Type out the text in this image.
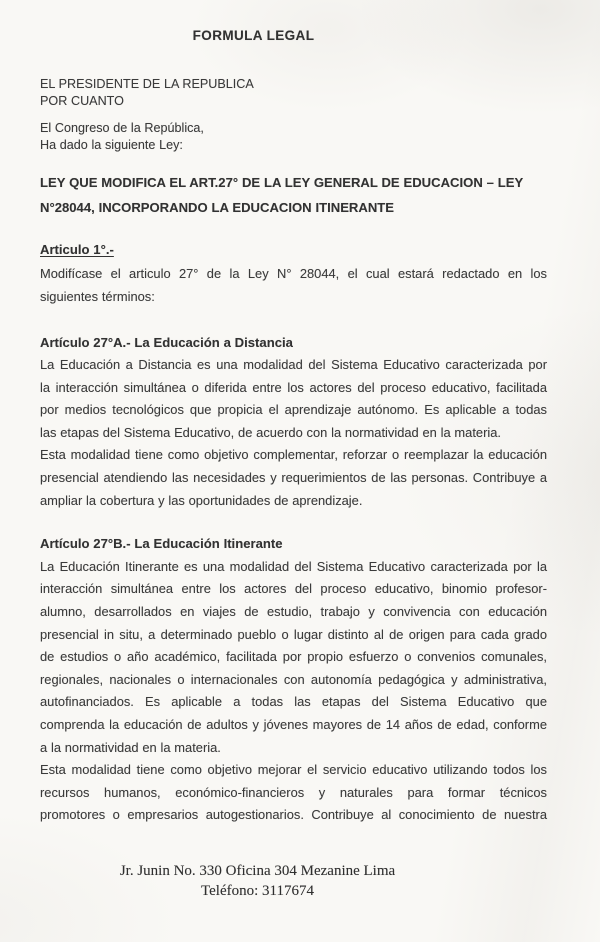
FORMULA LEGAL
EL PRESIDENTE DE LA REPUBLICA
POR CUANTO
El Congreso de la República,
Ha dado la siguiente Ley:
LEY QUE MODIFICA EL ART.27° DE LA LEY GENERAL DE EDUCACION – LEY
N°28044, INCORPORANDO LA EDUCACION ITINERANTE
Articulo 1°.-
Modifícase el articulo 27° de la Ley N° 28044, el cual estará redactado en los
siguientes términos:
Artículo 27°A.- La Educación a Distancia
La Educación a Distancia es una modalidad del Sistema Educativo caracterizada por
la interacción simultánea o diferida entre los actores del proceso educativo, facilitada
por medios tecnológicos que propicia el aprendizaje autónomo. Es aplicable a todas
las etapas del Sistema Educativo, de acuerdo con la normatividad en la materia.
Esta modalidad tiene como objetivo complementar, reforzar o reemplazar la educación
presencial atendiendo las necesidades y requerimientos de las personas. Contribuye a
ampliar la cobertura y las oportunidades de aprendizaje.
Artículo 27°B.- La Educación Itinerante
La Educación Itinerante es una modalidad del Sistema Educativo caracterizada por la
interacción simultánea entre los actores del proceso educativo, binomio profesor-
alumno, desarrollados en viajes de estudio, trabajo y convivencia con educación
presencial in situ, a determinado pueblo o lugar distinto al de origen para cada grado
de estudios o año académico, facilitada por propio esfuerzo o convenios comunales,
regionales, nacionales o internacionales con autonomía pedagógica y administrativa,
autofinanciados. Es aplicable a todas las etapas del Sistema Educativo que
comprenda la educación de adultos y jóvenes mayores de 14 años de edad, conforme
a la normatividad en la materia.
Esta modalidad tiene como objetivo mejorar el servicio educativo utilizando todos los
recursos humanos, económico-financieros y naturales para formar técnicos
promotores o empresarios autogestionarios. Contribuye al conocimiento de nuestra
Jr. Junin No. 330 Oficina 304 Mezanine Lima
Teléfono: 3117674
